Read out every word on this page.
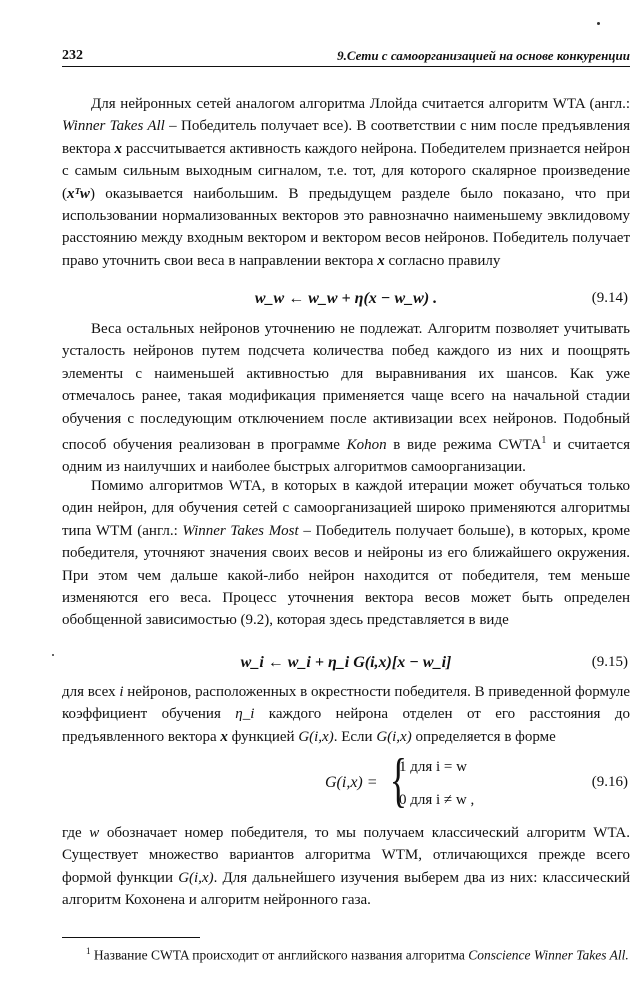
232	9.Сети с самоорганизацией на основе конкуренции

Для нейронных сетей аналогом алгоритма Ллойда считается алгоритм WTA (англ.: Winner Takes All – Победитель получает все). В соответствии с ним после предъявления вектора x рассчитывается активность каждого нейрона. Победителем признается нейрон с самым сильным выходным сигналом, т.е. тот, для которого скалярное произведение (xᵀw) оказывается наибольшим. В предыдущем разделе было показано, что при использовании нормализованных векторов это равнозначно наименьшему эвклидовому расстоянию между входным вектором и вектором весов нейронов. Победитель получает право уточнить свои веса в направлении вектора x согласно правилу

w_w ← w_w + η(x − w_w) .	(9.14)

Веса остальных нейронов уточнению не подлежат. Алгоритм позволяет учитывать усталость нейронов путем подсчета количества побед каждого из них и поощрять элементы с наименьшей активностью для выравнивания их шансов. Как уже отмечалось ранее, такая модификация применяется чаще всего на начальной стадии обучения с последующим отключением после активизации всех нейронов. Подобный способ обучения реализован в программе Kohon в виде режима CWTA$^1$ и считается одним из наилучших и наиболее быстрых алгоритмов самоорганизации.

Помимо алгоритмов WTA, в которых в каждой итерации может обучаться только один нейрон, для обучения сетей с самоорганизацией широко применяются алгоритмы типа WTM (англ.: Winner Takes Most – Победитель получает больше), в которых, кроме победителя, уточняют значения своих весов и нейроны из его ближайшего окружения. При этом чем дальше какой-либо нейрон находится от победителя, тем меньше изменяются его веса. Процесс уточнения вектора весов может быть определен обобщенной зависимостью (9.2), которая здесь представляется в виде

w_i ← w_i + η_i G(i,x)[x − w_i]	(9.15)

для всех i нейронов, расположенных в окрестности победителя. В приведенной формуле коэффициент обучения η_i каждого нейрона отделен от его расстояния до предъявленного вектора x функцией G(i,x). Если G(i,x) определяется в форме

G(i,x) = {
1 для i = w
0 для i ≠ w ,
(9.16)

где w обозначает номер победителя, то мы получаем классический алгоритм WTA. Существует множество вариантов алгоритма WTM, отличающихся прежде всего формой функции G(i,x). Для дальнейшего изучения выберем два из них: классический алгоритм Кохонена и алгоритм нейронного газа.

$^1$ Название CWTA происходит от английского названия алгоритма Conscience Winner Takes All.
